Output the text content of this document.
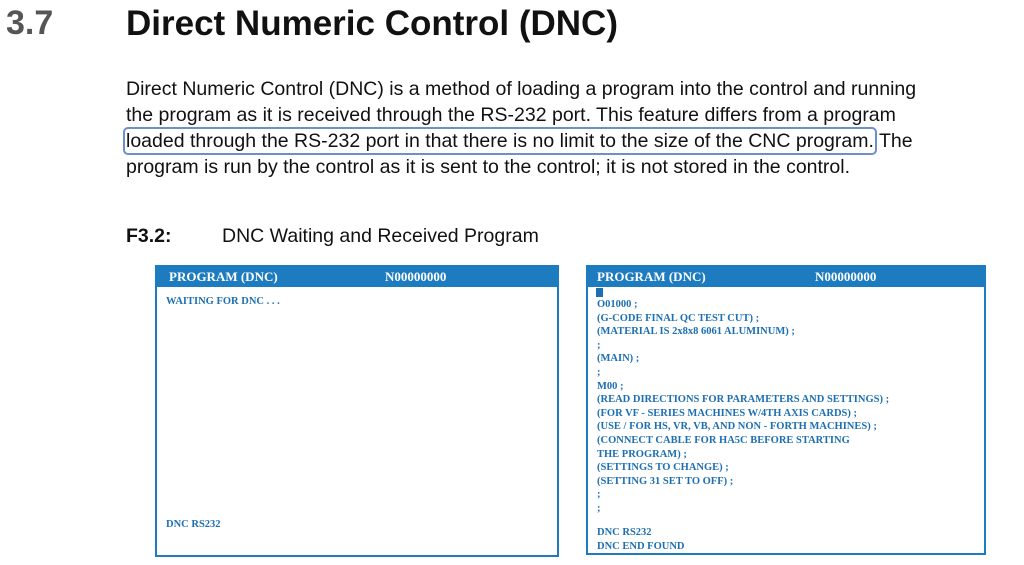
3.7 Direct Numeric Control (DNC)
Direct Numeric Control (DNC) is a method of loading a program into the control and running
the program as it is received through the RS-232 port. This feature differs from a program
loaded through the RS-232 port in that there is no limit to the size of the CNC program. The
program is run by the control as it is sent to the control; it is not stored in the control.
F3.2:	DNC Waiting and Received Program
PROGRAM (DNC)	N00000000
WAITING FOR DNC . . .
DNC RS232
PROGRAM (DNC)	N00000000
O01000 ;
(G-CODE FINAL QC TEST CUT) ;
(MATERIAL IS 2x8x8 6061 ALUMINUM) ;
;
(MAIN) ;
;
M00 ;
(READ DIRECTIONS FOR PARAMETERS AND SETTINGS) ;
(FOR VF - SERIES MACHINES W/4TH AXIS CARDS) ;
(USE / FOR HS, VR, VB, AND NON - FORTH MACHINES) ;
(CONNECT CABLE FOR HA5C BEFORE STARTING
THE PROGRAM) ;
(SETTINGS TO CHANGE) ;
(SETTING 31 SET TO OFF) ;
;
;
DNC RS232
DNC END FOUND
